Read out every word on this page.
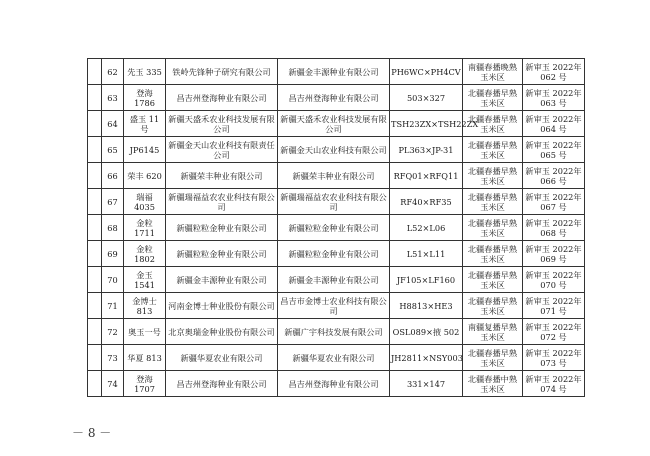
	62	先玉 335	铁岭先锋种子研究有限公司	新疆金丰源种业有限公司	PH6WC×PH4CV	南疆春播晚熟玉米区	新审玉 2022年 062 号
	63	登海 1786	昌吉州登海种业有限公司	昌吉州登海种业有限公司	503×327	北疆春播早熟玉米区	新审玉 2022年 063 号
	64	盛玉 11 号	新疆天盛禾农业科技发展有限公司	新疆天盛禾农业科技发展有限公司	TSH23ZX×TSH22ZX	北疆春播早熟玉米区	新审玉 2022年 064 号
	65	JP6145	新疆金天山农业科技有限责任公司	新疆金天山农业科技有限公司	PL363×JP-31	北疆春播早熟玉米区	新审玉 2022年 065 号
	66	荣丰 620	新疆荣丰种业有限公司	新疆荣丰种业有限公司	RFQ01×RFQ11	北疆春播早熟玉米区	新审玉 2022年 066 号
	67	瑞福 4035	新疆瑞福益农农业科技有限公司	新疆瑞福益农农业科技有限公司	RF40×RF35	北疆春播早熟玉米区	新审玉 2022年 067 号
	68	金粒 1711	新疆粒粒金种业有限公司	新疆粒粒金种业有限公司	L52×L06	北疆春播早熟玉米区	新审玉 2022年 068 号
	69	金粒 1802	新疆粒粒金种业有限公司	新疆粒粒金种业有限公司	L51×L11	北疆春播早熟玉米区	新审玉 2022年 069 号
	70	金玉 1541	新疆金丰源种业有限公司	新疆金丰源种业有限公司	JF105×LF160	北疆春播早熟玉米区	新审玉 2022年 070 号
	71	金博士 813	河南金博士种业股份有限公司	昌吉市金博士农业科技有限公司	H8813×HE3	北疆春播早熟玉米区	新审玉 2022年 071 号
	72	奥玉一号	北京奥瑞金种业股份有限公司	新疆广宇科技发展有限公司	OSL089×掖 502	南疆复播早熟玉米区	新审玉 2022年 072 号
	73	华夏 813	新疆华夏农业有限公司	新疆华夏农业有限公司	JH2811×NSY003	北疆春播早熟玉米区	新审玉 2022年 073 号
	74	登海 1707	昌吉州登海种业有限公司	昌吉州登海种业有限公司	331×147	北疆春播中熟玉米区	新审玉 2022年 074 号
－ 8 －
